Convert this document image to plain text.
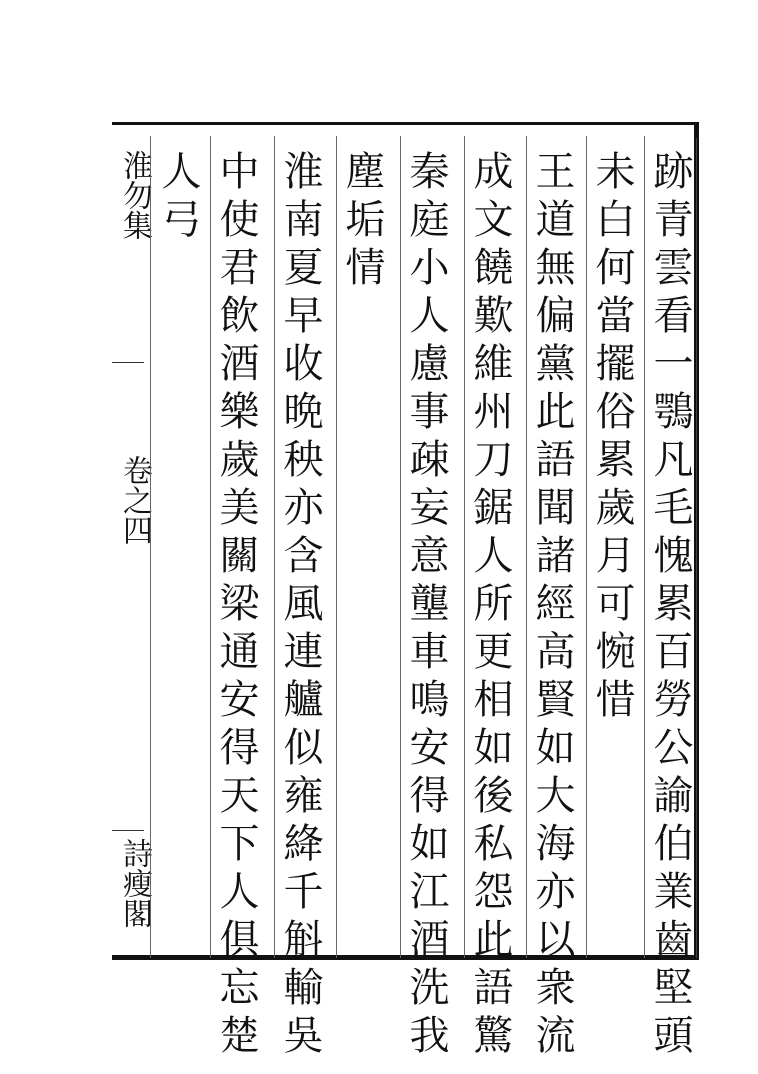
淮勿集
卷之四
詩瘦閣	跡青雲看一鶚凡毛愧累百勞公諭伯業齒堅頭
未白何當擺俗累歲月可惋惜
王道無偏黨此語聞諸經高賢如大海亦以衆流
成文饒歎維州刀鋸人所更相如後私怨此語驚
秦庭小人慮事疎妄意壟車鳴安得如江酒洗我
塵垢情
淮南夏早收晩秧亦含風連艫似雍絳千斛輸吳
中使君飲酒樂歲美關梁通安得天下人俱忘楚
人弓
